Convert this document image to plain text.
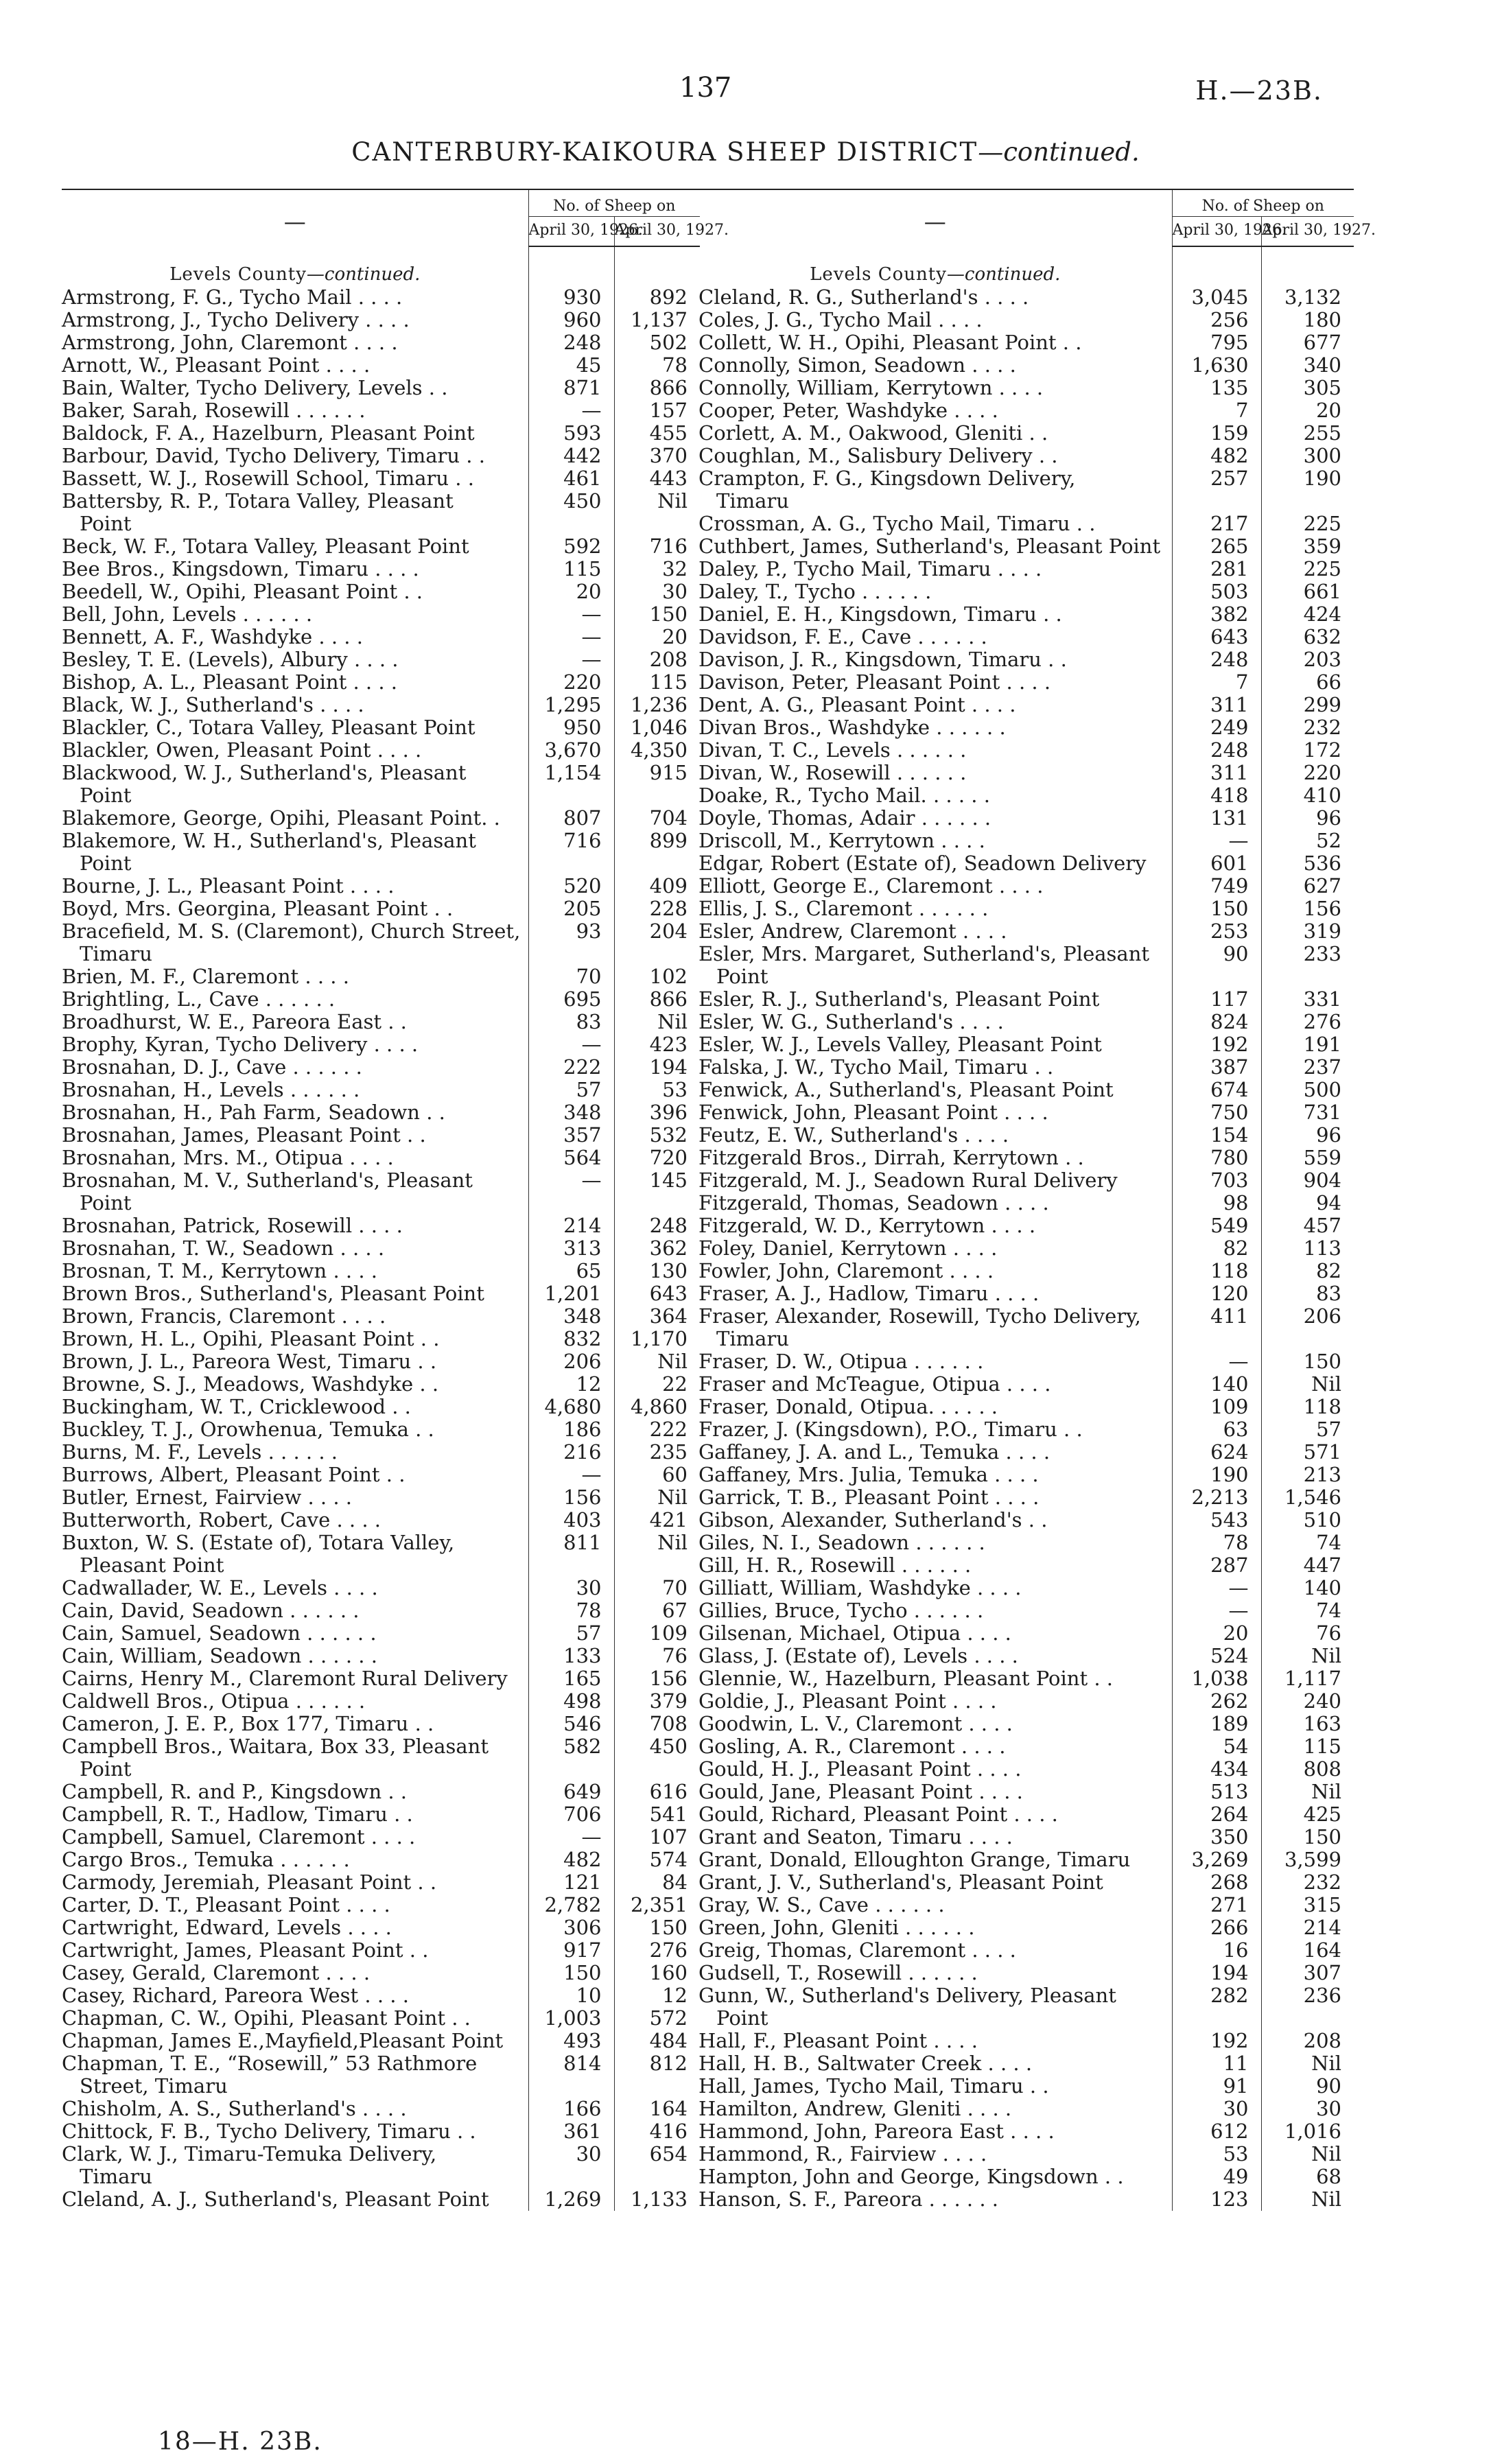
137	H.—23B.
CANTERBURY-KAIKOURA SHEEP DISTRICT—continued.
—	No. of Sheep on	
	April 30, 1926.	April 30, 1927.

Levels County—continued.		
Armstrong, F. G., Tycho Mail . . . .	930	892
Armstrong, J., Tycho Delivery . . . .	960	1,137
Armstrong, John, Claremont . . . .	248	502
Arnott, W., Pleasant Point . . . .	45	78
Bain, Walter, Tycho Delivery, Levels . .	871	866
Baker, Sarah, Rosewill . . . . . .	—	157
Baldock, F. A., Hazelburn, Pleasant Point	593	455
Barbour, David, Tycho Delivery, Timaru . .	442	370
Bassett, W. J., Rosewill School, Timaru . .	461	443
Battersby, R. P., Totara Valley, Pleasant	450	Nil
Point		
Beck, W. F., Totara Valley, Pleasant Point	592	716
Bee Bros., Kingsdown, Timaru . . . .	115	32
Beedell, W., Opihi, Pleasant Point . .	20	30
Bell, John, Levels . . . . . .	—	150
Bennett, A. F., Washdyke . . . .	—	20
Besley, T. E. (Levels), Albury . . . .	—	208
Bishop, A. L., Pleasant Point . . . .	220	115
Black, W. J., Sutherland's . . . .	1,295	1,236
Blackler, C., Totara Valley, Pleasant Point	950	1,046
Blackler, Owen, Pleasant Point . . . .	3,670	4,350
Blackwood, W. J., Sutherland's, Pleasant	1,154	915
Point		
Blakemore, George, Opihi, Pleasant Point. .	807	704
Blakemore, W. H., Sutherland's, Pleasant	716	899
Point		
Bourne, J. L., Pleasant Point . . . .	520	409
Boyd, Mrs. Georgina, Pleasant Point . .	205	228
Bracefield, M. S. (Claremont), Church Street,	93	204
Timaru		
Brien, M. F., Claremont . . . .	70	102
Brightling, L., Cave . . . . . .	695	866
Broadhurst, W. E., Pareora East . .	83	Nil
Brophy, Kyran, Tycho Delivery . . . .	—	423
Brosnahan, D. J., Cave . . . . . .	222	194
Brosnahan, H., Levels . . . . . .	57	53
Brosnahan, H., Pah Farm, Seadown . .	348	396
Brosnahan, James, Pleasant Point . .	357	532
Brosnahan, Mrs. M., Otipua . . . .	564	720
Brosnahan, M. V., Sutherland's, Pleasant	—	145
Point		
Brosnahan, Patrick, Rosewill . . . .	214	248
Brosnahan, T. W., Seadown . . . .	313	362
Brosnan, T. M., Kerrytown . . . .	65	130
Brown Bros., Sutherland's, Pleasant Point	1,201	643
Brown, Francis, Claremont . . . .	348	364
Brown, H. L., Opihi, Pleasant Point . .	832	1,170
Brown, J. L., Pareora West, Timaru . .	206	Nil
Browne, S. J., Meadows, Washdyke . .	12	22
Buckingham, W. T., Cricklewood . .	4,680	4,860
Buckley, T. J., Orowhenua, Temuka . .	186	222
Burns, M. F., Levels . . . . . .	216	235
Burrows, Albert, Pleasant Point . .	—	60
Butler, Ernest, Fairview . . . .	156	Nil
Butterworth, Robert, Cave . . . .	403	421
Buxton, W. S. (Estate of), Totara Valley,	811	Nil
Pleasant Point		
Cadwallader, W. E., Levels . . . .	30	70
Cain, David, Seadown . . . . . .	78	67
Cain, Samuel, Seadown . . . . . .	57	109
Cain, William, Seadown . . . . . .	133	76
Cairns, Henry M., Claremont Rural Delivery	165	156
Caldwell Bros., Otipua . . . . . .	498	379
Cameron, J. E. P., Box 177, Timaru . .	546	708
Campbell Bros., Waitara, Box 33, Pleasant	582	450
Point		
Campbell, R. and P., Kingsdown . .	649	616
Campbell, R. T., Hadlow, Timaru . .	706	541
Campbell, Samuel, Claremont . . . .	—	107
Cargo Bros., Temuka . . . . . .	482	574
Carmody, Jeremiah, Pleasant Point . .	121	84
Carter, D. T., Pleasant Point . . . .	2,782	2,351
Cartwright, Edward, Levels . . . .	306	150
Cartwright, James, Pleasant Point . .	917	276
Casey, Gerald, Claremont . . . .	150	160
Casey, Richard, Pareora West . . . .	10	12
Chapman, C. W., Opihi, Pleasant Point . .	1,003	572
Chapman, James E.,Mayfield,Pleasant Point	493	484
Chapman, T. E., “Rosewill,” 53 Rathmore	814	812
Street, Timaru		
Chisholm, A. S., Sutherland's . . . .	166	164
Chittock, F. B., Tycho Delivery, Timaru . .	361	416
Clark, W. J., Timaru-Temuka Delivery,	30	654
Timaru		
Cleland, A. J., Sutherland's, Pleasant Point	1,269	1,133
—	No. of Sheep on	
	April 30, 1926.	April 30, 1927.

Levels County—continued.		
Cleland, R. G., Sutherland's . . . .	3,045	3,132
Coles, J. G., Tycho Mail . . . .	256	180
Collett, W. H., Opihi, Pleasant Point . .	795	677
Connolly, Simon, Seadown . . . .	1,630	340
Connolly, William, Kerrytown . . . .	135	305
Cooper, Peter, Washdyke . . . .	7	20
Corlett, A. M., Oakwood, Gleniti . .	159	255
Coughlan, M., Salisbury Delivery . .	482	300
Crampton, F. G., Kingsdown Delivery,	257	190
Timaru		
Crossman, A. G., Tycho Mail, Timaru . .	217	225
Cuthbert, James, Sutherland's, Pleasant Point	265	359
Daley, P., Tycho Mail, Timaru . . . .	281	225
Daley, T., Tycho . . . . . .	503	661
Daniel, E. H., Kingsdown, Timaru . .	382	424
Davidson, F. E., Cave . . . . . .	643	632
Davison, J. R., Kingsdown, Timaru . .	248	203
Davison, Peter, Pleasant Point . . . .	7	66
Dent, A. G., Pleasant Point . . . .	311	299
Divan Bros., Washdyke . . . . . .	249	232
Divan, T. C., Levels . . . . . .	248	172
Divan, W., Rosewill . . . . . .	311	220
Doake, R., Tycho Mail. . . . . .	418	410
Doyle, Thomas, Adair . . . . . .	131	96
Driscoll, M., Kerrytown . . . .	—	52
Edgar, Robert (Estate of), Seadown Delivery	601	536
Elliott, George E., Claremont . . . .	749	627
Ellis, J. S., Claremont . . . . . .	150	156
Esler, Andrew, Claremont . . . .	253	319
Esler, Mrs. Margaret, Sutherland's, Pleasant	90	233
Point		
Esler, R. J., Sutherland's, Pleasant Point	117	331
Esler, W. G., Sutherland's . . . .	824	276
Esler, W. J., Levels Valley, Pleasant Point	192	191
Falska, J. W., Tycho Mail, Timaru . .	387	237
Fenwick, A., Sutherland's, Pleasant Point	674	500
Fenwick, John, Pleasant Point . . . .	750	731
Feutz, E. W., Sutherland's . . . .	154	96
Fitzgerald Bros., Dirrah, Kerrytown . .	780	559
Fitzgerald, M. J., Seadown Rural Delivery	703	904
Fitzgerald, Thomas, Seadown . . . .	98	94
Fitzgerald, W. D., Kerrytown . . . .	549	457
Foley, Daniel, Kerrytown . . . .	82	113
Fowler, John, Claremont . . . .	118	82
Fraser, A. J., Hadlow, Timaru . . . .	120	83
Fraser, Alexander, Rosewill, Tycho Delivery,	411	206
Timaru		
Fraser, D. W., Otipua . . . . . .	—	150
Fraser and McTeague, Otipua . . . .	140	Nil
Fraser, Donald, Otipua. . . . . .	109	118
Frazer, J. (Kingsdown), P.O., Timaru . .	63	57
Gaffaney, J. A. and L., Temuka . . . .	624	571
Gaffaney, Mrs. Julia, Temuka . . . .	190	213
Garrick, T. B., Pleasant Point . . . .	2,213	1,546
Gibson, Alexander, Sutherland's . .	543	510
Giles, N. I., Seadown . . . . . .	78	74
Gill, H. R., Rosewill . . . . . .	287	447
Gilliatt, William, Washdyke . . . .	—	140
Gillies, Bruce, Tycho . . . . . .	—	74
Gilsenan, Michael, Otipua . . . .	20	76
Glass, J. (Estate of), Levels . . . .	524	Nil
Glennie, W., Hazelburn, Pleasant Point . .	1,038	1,117
Goldie, J., Pleasant Point . . . .	262	240
Goodwin, L. V., Claremont . . . .	189	163
Gosling, A. R., Claremont . . . .	54	115
Gould, H. J., Pleasant Point . . . .	434	808
Gould, Jane, Pleasant Point . . . .	513	Nil
Gould, Richard, Pleasant Point . . . .	264	425
Grant and Seaton, Timaru . . . .	350	150
Grant, Donald, Elloughton Grange, Timaru	3,269	3,599
Grant, J. V., Sutherland's, Pleasant Point	268	232
Gray, W. S., Cave . . . . . .	271	315
Green, John, Gleniti . . . . . .	266	214
Greig, Thomas, Claremont . . . .	16	164
Gudsell, T., Rosewill . . . . . .	194	307
Gunn, W., Sutherland's Delivery, Pleasant	282	236
Point		
Hall, F., Pleasant Point . . . .	192	208
Hall, H. B., Saltwater Creek . . . .	11	Nil
Hall, James, Tycho Mail, Timaru . .	91	90
Hamilton, Andrew, Gleniti . . . .	30	30
Hammond, John, Pareora East . . . .	612	1,016
Hammond, R., Fairview . . . .	53	Nil
Hampton, John and George, Kingsdown . .	49	68
Hanson, S. F., Pareora . . . . . .	123	Nil
18—H. 23B.
